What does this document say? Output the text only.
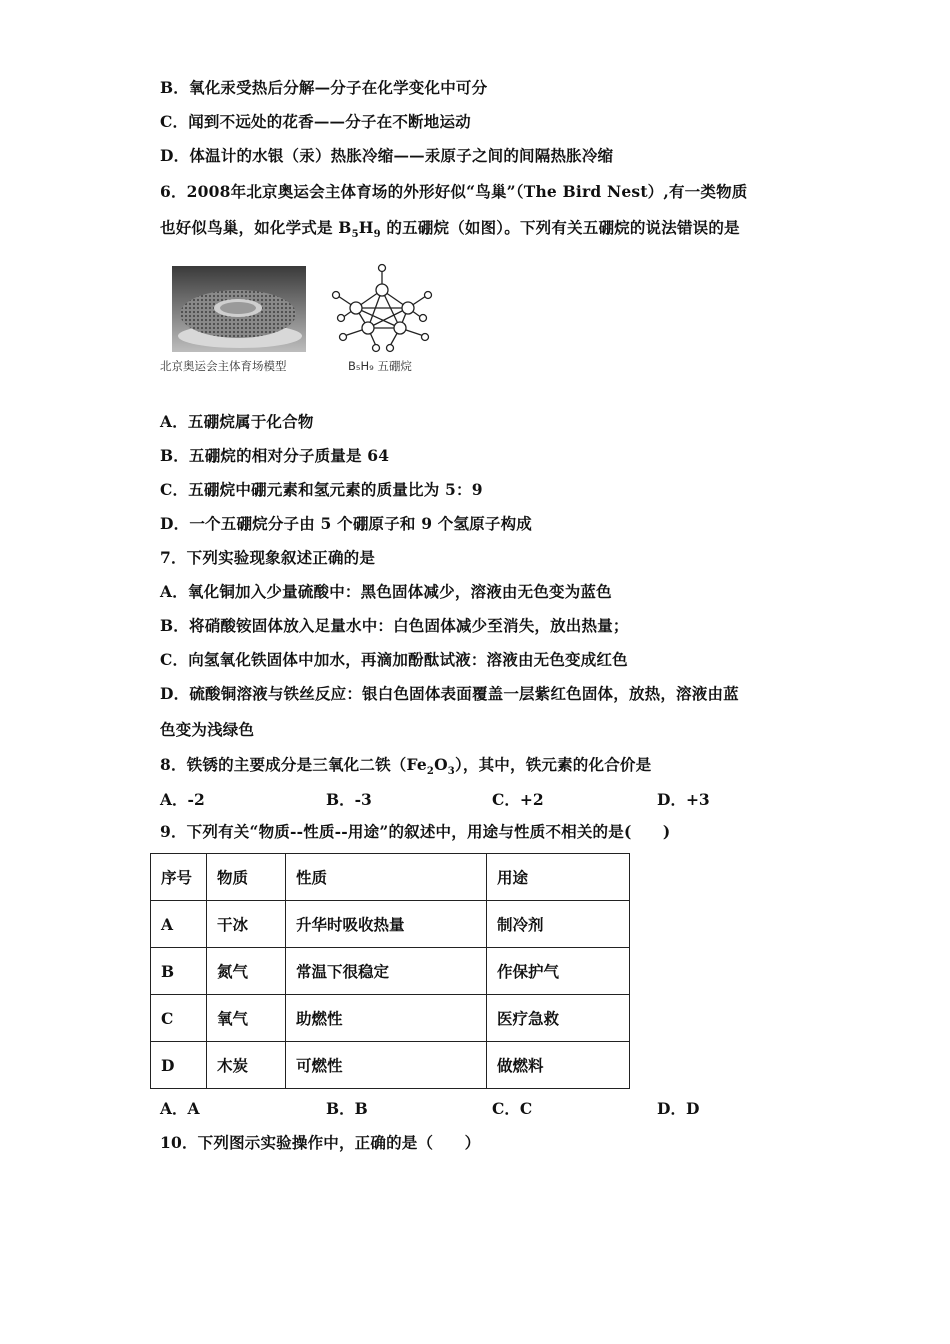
B．氧化汞受热后分解—分子在化学变化中可分
C．闻到不远处的花香——分子在不断地运动
D．体温计的水银（汞）热胀冷缩——汞原子之间的间隔热胀冷缩
6．2008年北京奥运会主体育场的外形好似“鸟巢”（The Bird Nest）,有一类物质
也好似鸟巢，如化学式是 $B_5H_9$ 的五硼烷（如图）。下列有关五硼烷的说法错误的是
北京奥运会主体育场模型	B₅H₉ 五硼烷
A．五硼烷属于化合物
B．五硼烷的相对分子质量是 64
C．五硼烷中硼元素和氢元素的质量比为 5：9
D．一个五硼烷分子由 5 个硼原子和 9 个氢原子构成
7．下列实验现象叙述正确的是
A．氧化铜加入少量硫酸中：黑色固体减少，溶液由无色变为蓝色
B．将硝酸铵固体放入足量水中：白色固体减少至消失，放出热量；
C．向氢氧化铁固体中加水，再滴加酚酞试液：溶液由无色变成红色
D．硫酸铜溶液与铁丝反应：银白色固体表面覆盖一层紫红色固体，放热，溶液由蓝
色变为浅绿色
8．铁锈的主要成分是三氧化二铁$(Fe_2O_3)$，其中，铁元素的化合价是
A．-2	B．-3	C．+2	D．+3
9．下列有关“物质--性质--用途”的叙述中，用途与性质不相关的是(　　)
序号	物质	性质	用途
A	干冰	升华时吸收热量	制冷剂
B	氮气	常温下很稳定	作保护气
C	氧气	助燃性	医疗急救
D	木炭	可燃性	做燃料
A．A	B．B	C．C	D．D
10．下列图示实验操作中，正确的是（　　）
